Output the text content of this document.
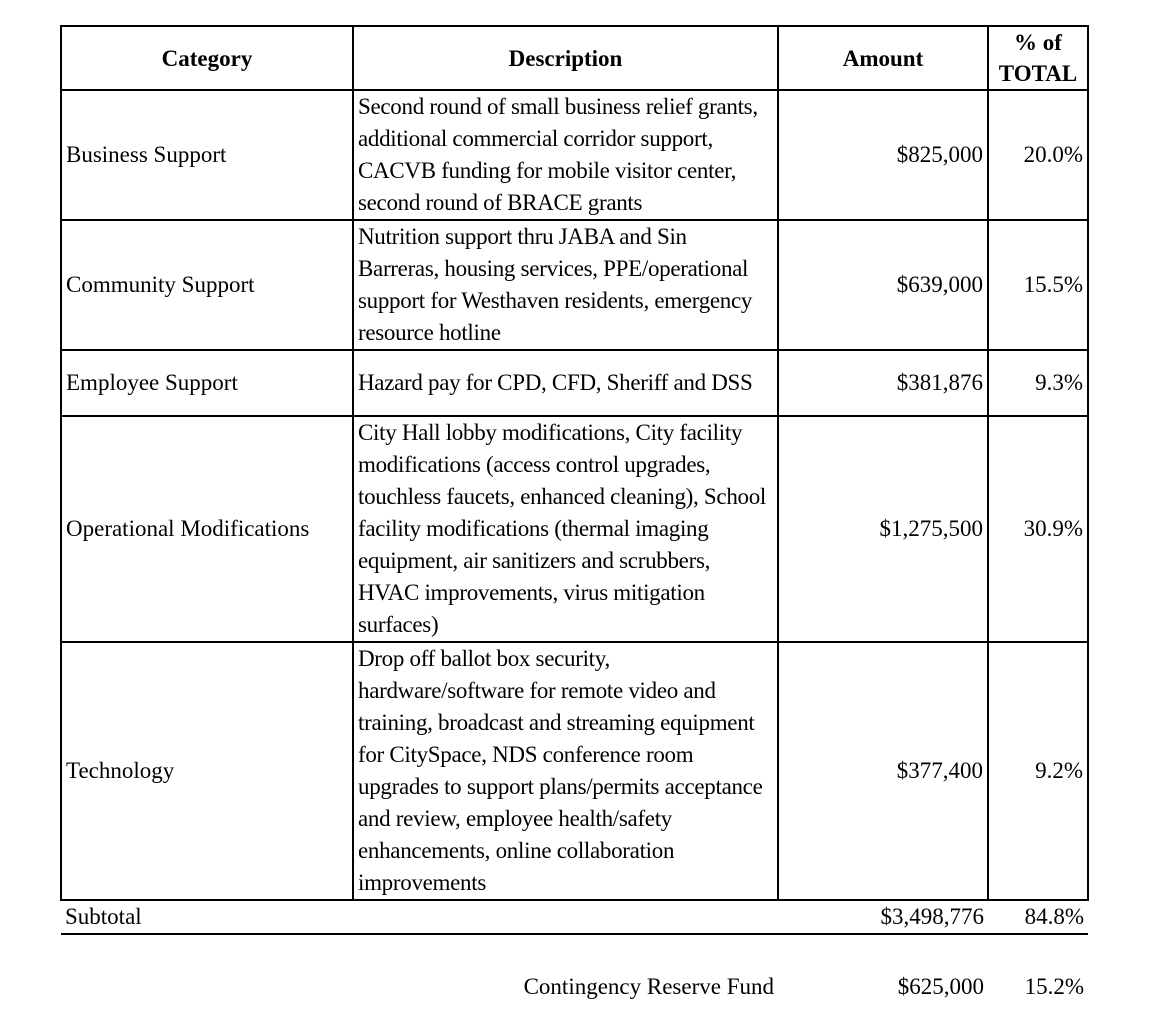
Category	Description	Amount	% of
TOTAL
Business Support	Second round of small business relief grants, additional commercial corridor support, CACVB funding for mobile visitor center, second round of BRACE grants	$825,000	20.0%
Community Support	Nutrition support thru JABA and Sin Barreras, housing services, PPE/operational support for Westhaven residents, emergency resource hotline	$639,000	15.5%
Employee Support	Hazard pay for CPD, CFD, Sheriff and DSS	$381,876	9.3%
Operational Modifications	City Hall lobby modifications, City facility modifications (access control upgrades, touchless faucets, enhanced cleaning), School facility modifications (thermal imaging equipment, air sanitizers and scrubbers, HVAC improvements, virus mitigation surfaces)	$1,275,500	30.9%
Technology	Drop off ballot box security, hardware/software for remote video and training, broadcast and streaming equipment for CitySpace, NDS conference room upgrades to support plans/permits acceptance and review, employee health/safety enhancements, online collaboration improvements	$377,400	9.2%
Subtotal		$3,498,776	84.8%

Contingency Reserve Fund		$625,000	15.2%
